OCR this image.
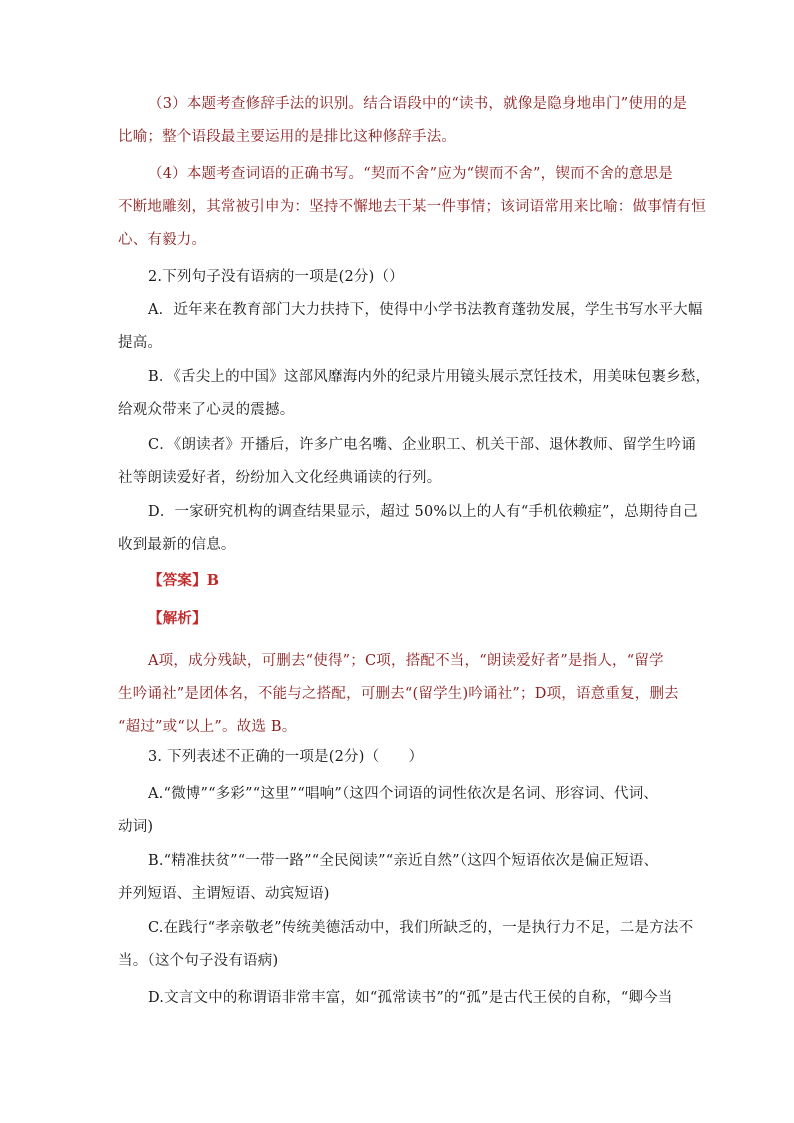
（3）本题考查修辞手法的识别。结合语段中的“读书，就像是隐身地串门”使用的是
比喻；整个语段最主要运用的是排比这种修辞手法。

（4）本题考查词语的正确书写。“契而不舍”应为“锲而不舍”，锲而不舍的意思是
不断地雕刻，其常被引申为：坚持不懈地去干某一件事情；该词语常用来比喻：做事情有恒
心、有毅力。

2.下列句子没有语病的一项是(2分)（）

A．近年来在教育部门大力扶持下，使得中小学书法教育蓬勃发展，学生书写水平大幅
提高。

B．《舌尖上的中国》这部风靡海内外的纪录片用镜头展示烹饪技术，用美味包裹乡愁，
给观众带来了心灵的震撼。

C．《朗读者》开播后，许多广电名嘴、企业职工、机关干部、退休教师、留学生吟诵
社等朗读爱好者，纷纷加入文化经典诵读的行列。

D．一家研究机构的调查结果显示，超过 50%以上的人有“手机依赖症”，总期待自己
收到最新的信息。

【答案】B

【解析】

A项，成分残缺，可删去“使得”；C项，搭配不当，“朗读爱好者”是指人，“留学
生吟诵社”是团体名，不能与之搭配，可删去“(留学生)吟诵社”；D项，语意重复，删去
“超过”或“以上”。故选 B。

3. 下列表述不正确的一项是(2分)（　　）

A.“微博”“多彩”“这里”“唱响”（这四个词语的词性依次是名词、形容词、代词、
动词)

B.“精准扶贫”“一带一路”“全民阅读”“亲近自然”（这四个短语依次是偏正短语、
并列短语、主谓短语、动宾短语)

C.在践行“孝亲敬老”传统美德活动中，我们所缺乏的，一是执行力不足，二是方法不
当。（这个句子没有语病)

D.文言文中的称谓语非常丰富，如“孤常读书”的“孤”是古代王侯的自称，“卿今当
